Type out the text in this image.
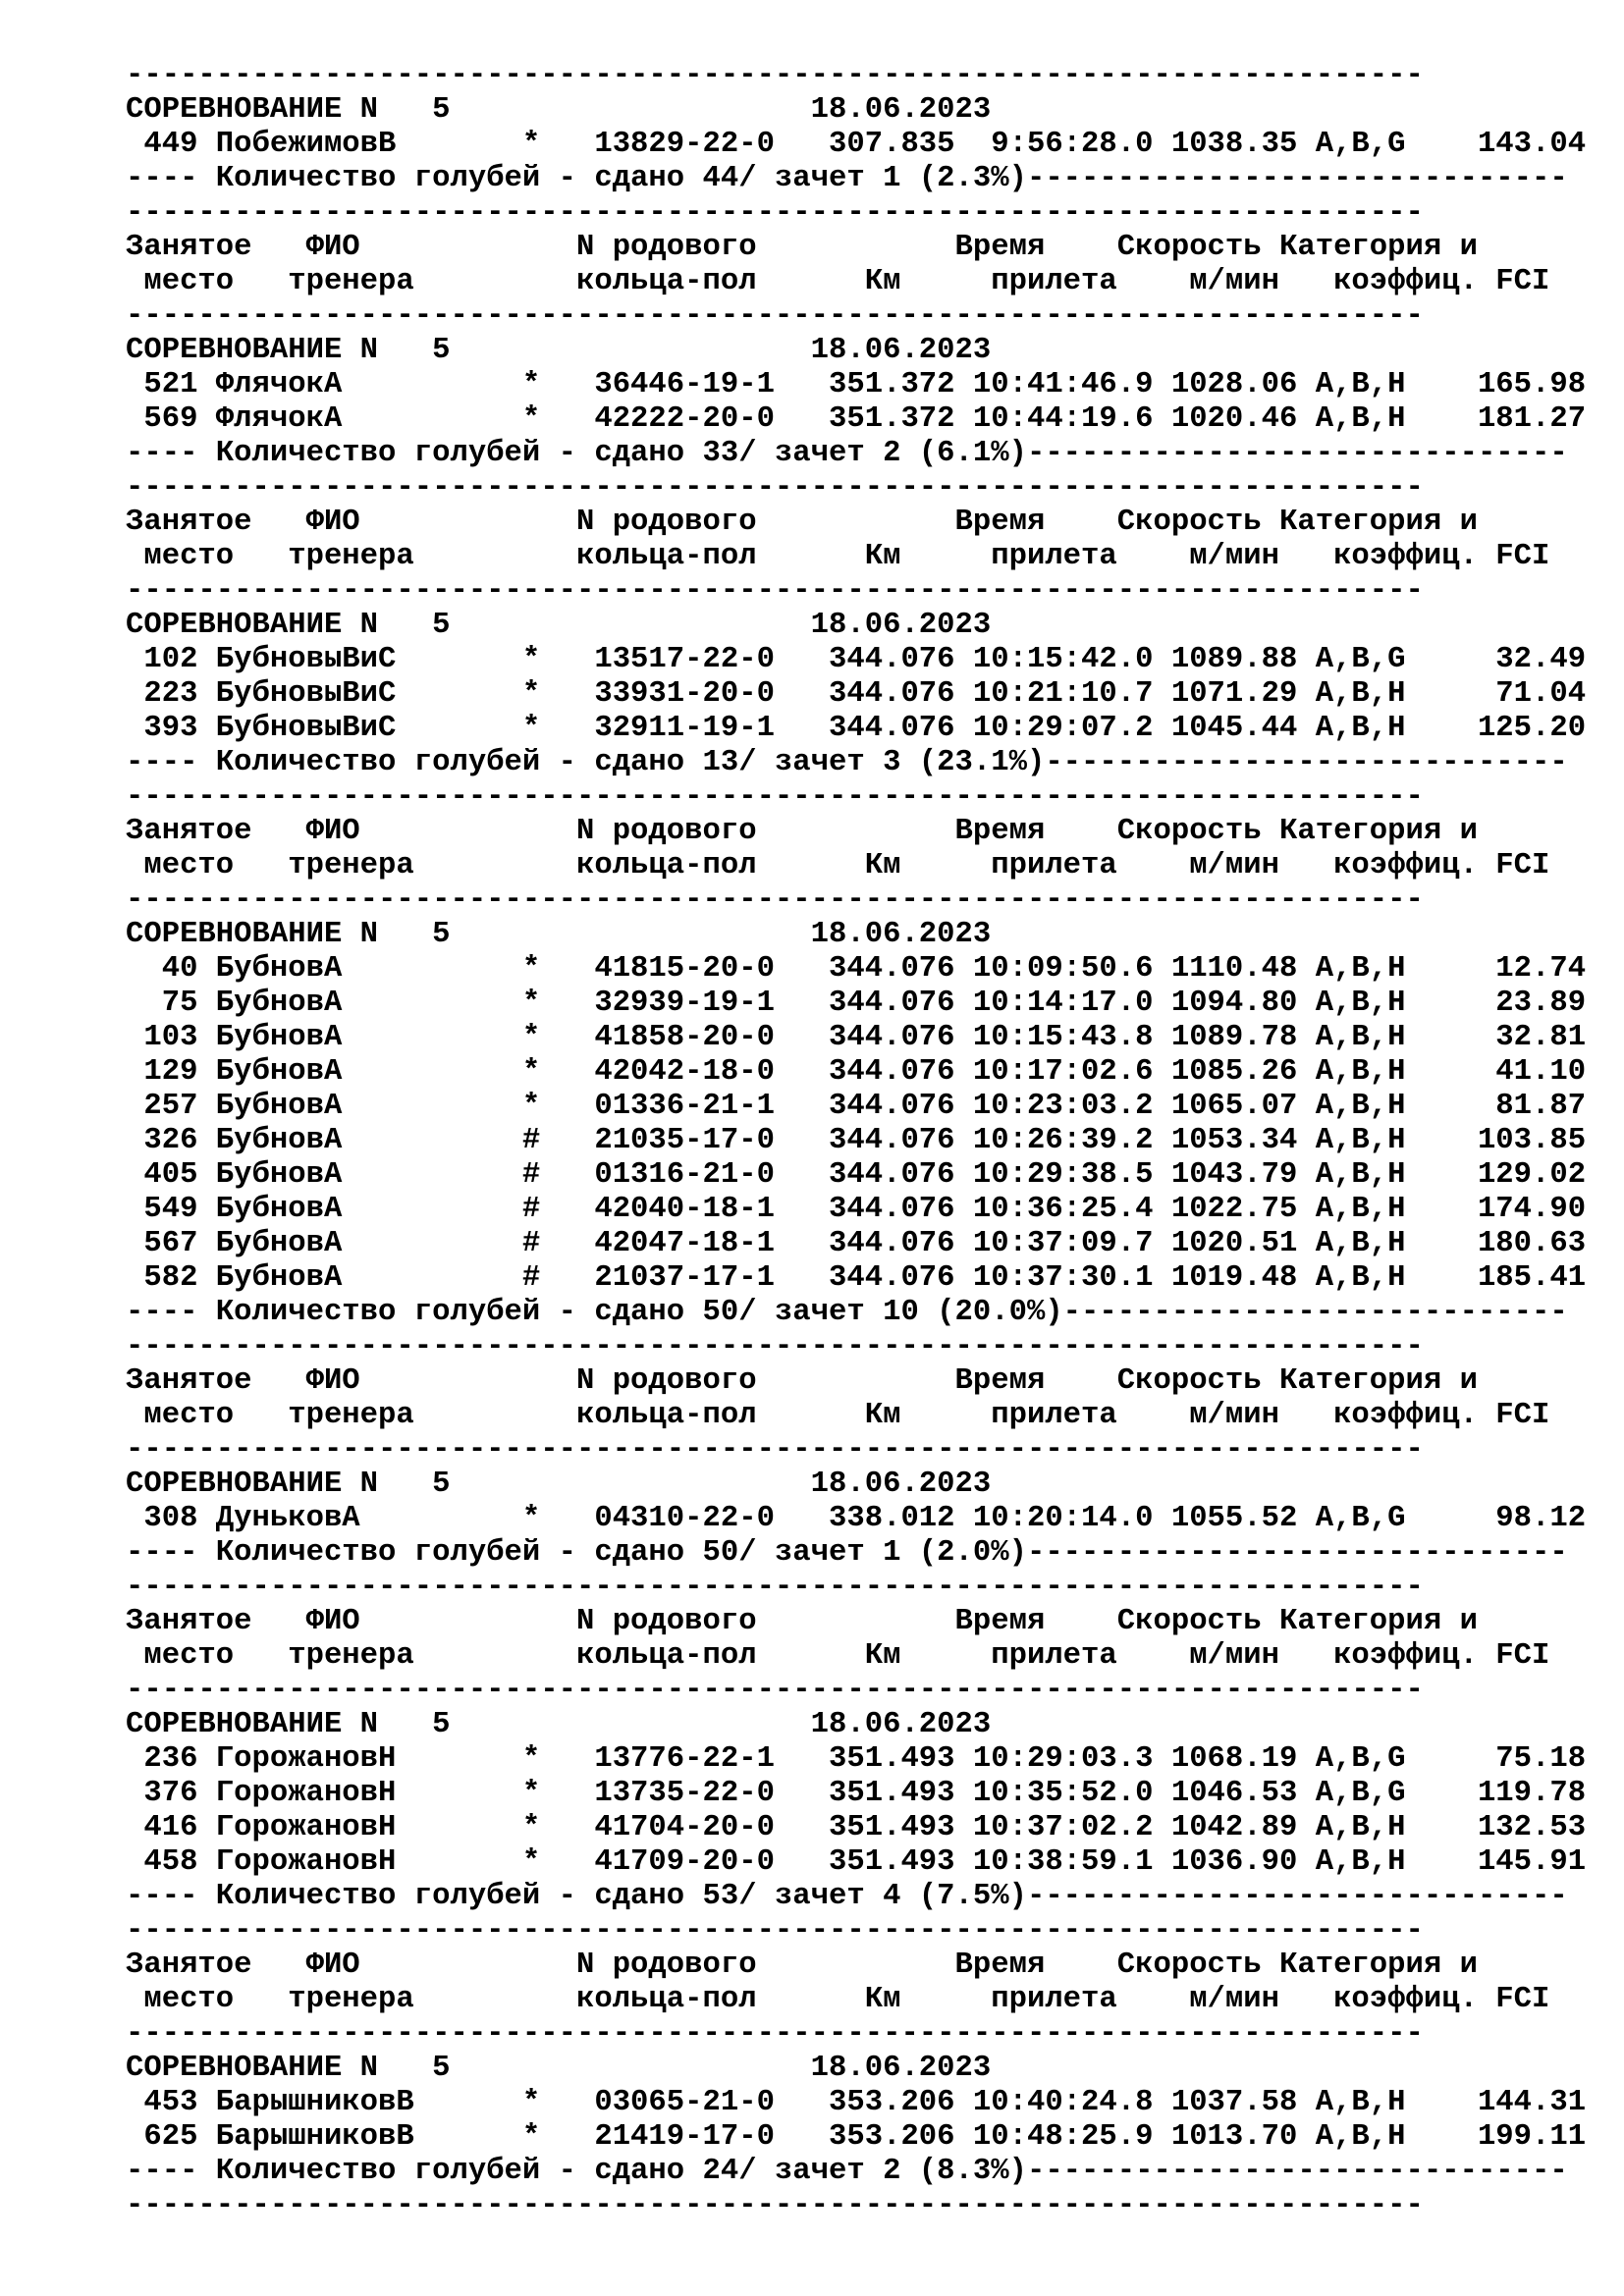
-----
СОРЕВНОВАНИЕ N   5                    18.06.2023
449 ПобежимовВ       *   13829-22-0   307.835  9:56:28.0 1038.35 A,B,G    143.04
---- Количество голубей - сдано 44/ зачет 1 (2.3%)------------------------------
-----
Занятое   ФИО            N родового           Время    Скорость Категория и
место   тренера         кольца-пол      Км     прилета    м/мин   коэффиц. FCI
-----
СОРЕВНОВАНИЕ N   5                    18.06.2023
521 ФлячокА          *   36446-19-1   351.372 10:41:46.9 1028.06 A,B,H    165.98
569 ФлячокА          *   42222-20-0   351.372 10:44:19.6 1020.46 A,B,H    181.27
---- Количество голубей - сдано 33/ зачет 2 (6.1%)------------------------------
-----
Занятое   ФИО            N родового           Время    Скорость Категория и
место   тренера         кольца-пол      Км     прилета    м/мин   коэффиц. FCI
-----
СОРЕВНОВАНИЕ N   5                    18.06.2023
102 БубновыВиС       *   13517-22-0   344.076 10:15:42.0 1089.88 A,B,G     32.49
223 БубновыВиС       *   33931-20-0   344.076 10:21:10.7 1071.29 A,B,H     71.04
393 БубновыВиС       *   32911-19-1   344.076 10:29:07.2 1045.44 A,B,H    125.20
---- Количество голубей - сдано 13/ зачет 3 (23.1%)-----------------------------
-----
Занятое   ФИО            N родового           Время    Скорость Категория и
место   тренера         кольца-пол      Км     прилета    м/мин   коэффиц. FCI
-----
СОРЕВНОВАНИЕ N   5                    18.06.2023
40 БубновА          *   41815-20-0   344.076 10:09:50.6 1110.48 A,B,H     12.74
75 БубновА          *   32939-19-1   344.076 10:14:17.0 1094.80 A,B,H     23.89
103 БубновА          *   41858-20-0   344.076 10:15:43.8 1089.78 A,B,H     32.81
129 БубновА          *   42042-18-0   344.076 10:17:02.6 1085.26 A,B,H     41.10
257 БубновА          *   01336-21-1   344.076 10:23:03.2 1065.07 A,B,H     81.87
326 БубновА          #   21035-17-0   344.076 10:26:39.2 1053.34 A,B,H    103.85
405 БубновА          #   01316-21-0   344.076 10:29:38.5 1043.79 A,B,H    129.02
549 БубновА          #   42040-18-1   344.076 10:36:25.4 1022.75 A,B,H    174.90
567 БубновА          #   42047-18-1   344.076 10:37:09.7 1020.51 A,B,H    180.63
582 БубновА          #   21037-17-1   344.076 10:37:30.1 1019.48 A,B,H    185.41
---- Количество голубей - сдано 50/ зачет 10 (20.0%)----------------------------
-----
Занятое   ФИО            N родового           Время    Скорость Категория и
место   тренера         кольца-пол      Км     прилета    м/мин   коэффиц. FCI
-----
СОРЕВНОВАНИЕ N   5                    18.06.2023
308 ДуньковА         *   04310-22-0   338.012 10:20:14.0 1055.52 A,B,G     98.12
---- Количество голубей - сдано 50/ зачет 1 (2.0%)------------------------------
-----
Занятое   ФИО            N родового           Время    Скорость Категория и
место   тренера         кольца-пол      Км     прилета    м/мин   коэффиц. FCI
-----
СОРЕВНОВАНИЕ N   5                    18.06.2023
236 ГорожановН       *   13776-22-1   351.493 10:29:03.3 1068.19 A,B,G     75.18
376 ГорожановН       *   13735-22-0   351.493 10:35:52.0 1046.53 A,B,G    119.78
416 ГорожановН       *   41704-20-0   351.493 10:37:02.2 1042.89 A,B,H    132.53
458 ГорожановН       *   41709-20-0   351.493 10:38:59.1 1036.90 A,B,H    145.91
---- Количество голубей - сдано 53/ зачет 4 (7.5%)------------------------------
-----
Занятое   ФИО            N родового           Время    Скорость Категория и
место   тренера         кольца-пол      Км     прилета    м/мин   коэффиц. FCI
-----
СОРЕВНОВАНИЕ N   5                    18.06.2023
453 БарышниковВ      *   03065-21-0   353.206 10:40:24.8 1037.58 A,B,H    144.31
625 БарышниковВ      *   21419-17-0   353.206 10:48:25.9 1013.70 A,B,H    199.11
---- Количество голубей - сдано 24/ зачет 2 (8.3%)------------------------------
-----
